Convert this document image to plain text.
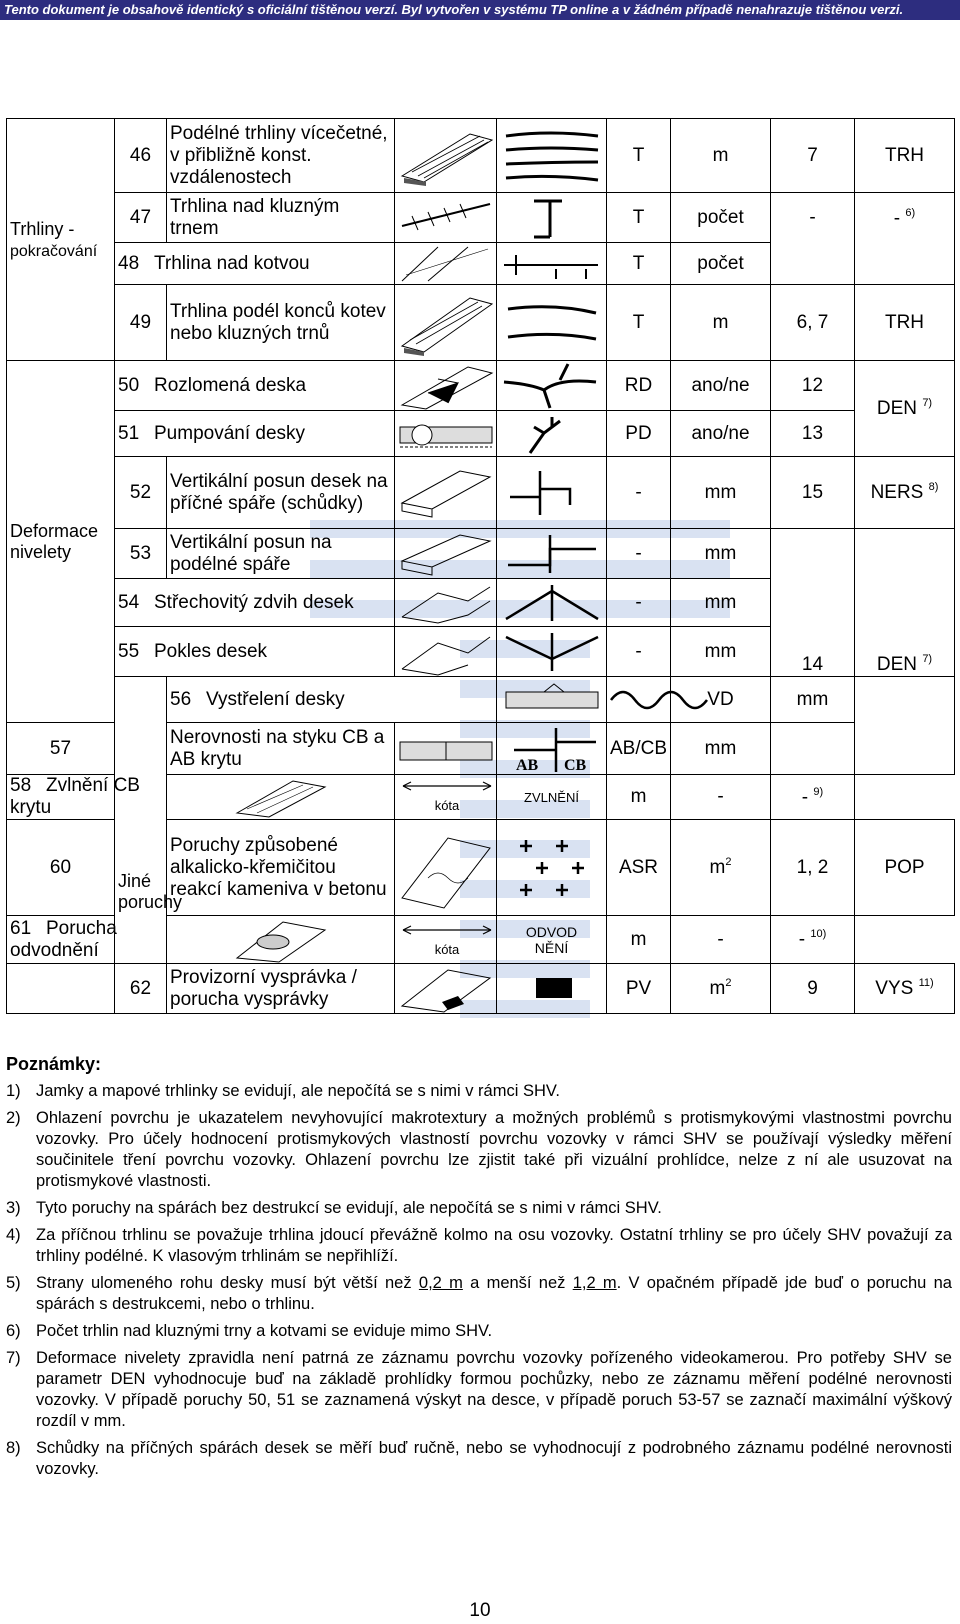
Tento dokument je obsahově identický s oficiální tištěnou verzí. Byl vytvořen v systému TP online a v žádném případě nenahrazuje tištěnou verzi.
Trhliny -
pokračování	46	Podélné trhliny vícečetné, v přibližně konst. vzdálenostech			T	m	7	TRH	
	47	Trhlina nad kluzným trnem			T	počet	-	- $^{6)}$
	48 Trhlina nad kotvou				T	počet			
	49	Trhlina podél konců kotev nebo kluzných trnů			T	m	6, 7	TRH	
Deformace
nivelety	50 Rozlomená deska				RD	ano/ne	12	DEN $^{7)}$
	51 Pumpování desky				PD	ano/ne	13		
	52	Vertikální posun desek na příčné spáře (schůdky)			-	mm	15	NERS $^{8)}$
	53	Vertikální posun na podélné spáře			-	mm	14	DEN $^{7)}$
	54 Střechovitý zdvih desek				-	mm			
	55 Pokles desek				-	mm			
	Jiné
poruchy	56 Vystřelení desky				VD	mm		
57		Nerovnosti na styku CB a AB krytu		AB CB	AB/CB	mm			
58 Zvlnění CB krytu			kóta	ZVLNĚNÍ	m	-	- $^{9)}$
60		Poruchy způsobené alkalicko-křemičitou reakcí kameniva v betonu			ASR	$m^2$	1, 2	POP	
61 Porucha odvodnění			kóta	ODVODNĚNÍ	m	-	- $^{10)}$
	62	Provizorní vysprávka / porucha vysprávky			PV	$m^2$	9	VYS $^{11)}$
Poznámky:
1) Jamky a mapové trhlinky se evidují, ale nepočítá se s nimi v rámci SHV.
2) Ohlazení povrchu je ukazatelem nevyhovující makrotextury a možných problémů s protismykovými vlastnostmi povrchu vozovky. Pro účely hodnocení protismykových vlastností povrchu vozovky v rámci SHV se používají výsledky měření součinitele tření povrchu vozovky. Ohlazení povrchu lze zjistit také při vizuální prohlídce, nelze z ní ale usuzovat na protismykové vlastnosti.
3) Tyto poruchy na spárách bez destrukcí se evidují, ale nepočítá se s nimi v rámci SHV.
4) Za příčnou trhlinu se považuje trhlina jdoucí převážně kolmo na osu vozovky. Ostatní trhliny se pro účely SHV považují za trhliny podélné. K vlasovým trhlinám se nepřihlíží.
5) Strany ulomeného rohu desky musí být větší než 0,2 m a menší než 1,2 m. V opačném případě jde buď o poruchu na spárách s destrukcemi, nebo o trhlinu.
6) Počet trhlin nad kluznými trny a kotvami se eviduje mimo SHV.
7) Deformace nivelety zpravidla není patrná ze záznamu povrchu vozovky pořízeného videokamerou. Pro potřeby SHV se parametr DEN vyhodnocuje buď na základě prohlídky formou pochůzky, nebo ze záznamu měření podélné nerovnosti vozovky. V případě poruchy 50, 51 se zaznamená výskyt na desce, v případě poruch 53-57 se zaznačí maximální výškový rozdíl v mm.
8) Schůdky na příčných spárách desek se měří buď ručně, nebo se vyhodnocují z podrobného záznamu podélné nerovnosti vozovky.
10
